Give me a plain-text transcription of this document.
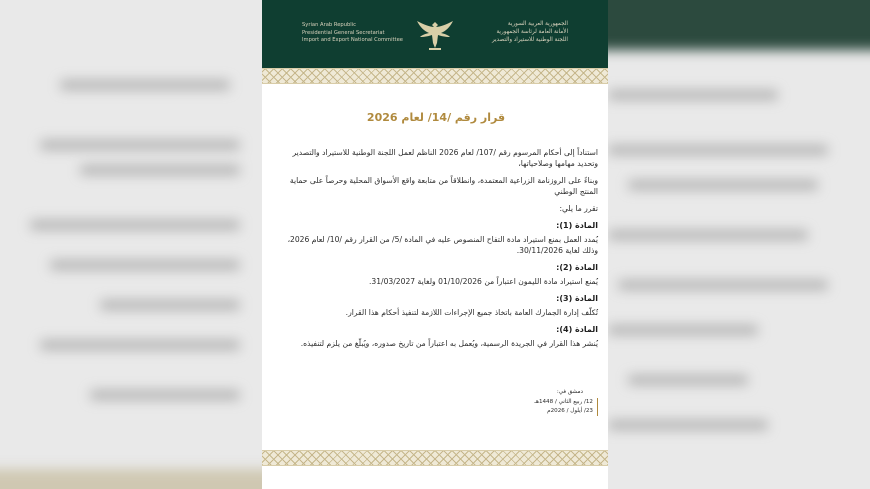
Syrian Arab Republic
Presidential General Secretariat
Import and Export National Committee
الجمهورية العربية السورية
الأمانة العامة لرئاسة الجمهورية
اللجنة الوطنية للاستيراد والتصدير
قرار رقم /14/ لعام 2026

استناداً إلى أحكام المرسوم رقم /107/ لعام 2026 الناظم لعمل اللجنة الوطنية للاستيراد والتصدير وتحديد مهامها وصلاحياتها،

وبناءً على الروزنامة الزراعية المعتمدة، وانطلاقاً من متابعة واقع الأسواق المحلية وحرصاً على حماية المنتج الوطني

تقرر ما يلي:

المادة (1):

يُمدد العمل بمنع استيراد مادة التفاح المنصوص عليه في المادة /5/ من القرار رقم /10/ لعام 2026، وذلك لغاية 30/11/2026.

المادة (2):

يُمنع استيراد مادة الليمون اعتباراً من 01/10/2026 ولغاية 31/03/2027.

المادة (3):

تُكلّف إدارة الجمارك العامة باتخاذ جميع الإجراءات اللازمة لتنفيذ أحكام هذا القرار.

المادة (4):

يُنشر هذا القرار في الجريدة الرسمية، ويُعمل به اعتباراً من تاريخ صدوره، ويُبلّغ من يلزم لتنفيذه.

دمشق في:
12/ ربيع الثاني / 1448هـ
23/ أيلول / 2026م
